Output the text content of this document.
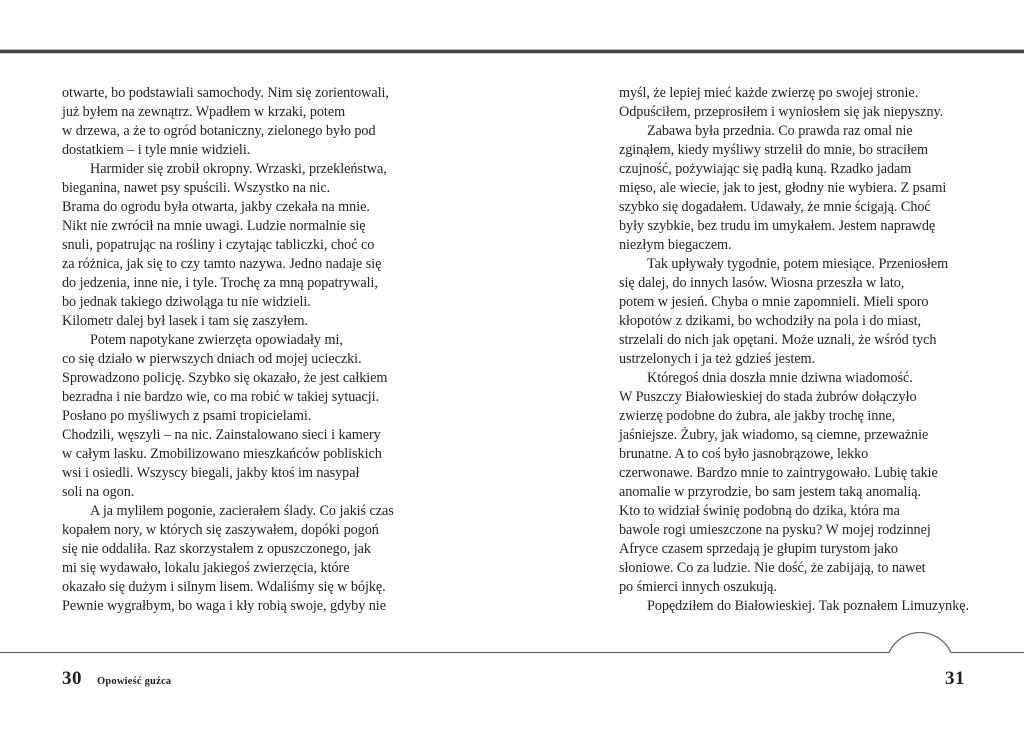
otwarte, bo podstawiali samochody. Nim się zorientowali,
już byłem na zewnątrz. Wpadłem w krzaki, potem
w drzewa, a że to ogród botaniczny, zielonego było pod
dostatkiem – i tyle mnie widzieli.
Harmider się zrobił okropny. Wrzaski, przekleństwa,
bieganina, nawet psy spuścili. Wszystko na nic.
Brama do ogrodu była otwarta, jakby czekała na mnie.
Nikt nie zwrócił na mnie uwagi. Ludzie normalnie się
snuli, popatrując na rośliny i czytając tabliczki, choć co
za różnica, jak się to czy tamto nazywa. Jedno nadaje się
do jedzenia, inne nie, i tyle. Trochę za mną popatrywali,
bo jednak takiego dziwoląga tu nie widzieli.
Kilometr dalej był lasek i tam się zaszyłem.
Potem napotykane zwierzęta opowiadały mi,
co się działo w pierwszych dniach od mojej ucieczki.
Sprowadzono policję. Szybko się okazało, że jest całkiem
bezradna i nie bardzo wie, co ma robić w takiej sytuacji.
Posłano po myśliwych z psami tropicielami.
Chodzili, węszyli – na nic. Zainstalowano sieci i kamery
w całym lasku. Zmobilizowano mieszkańców pobliskich
wsi i osiedli. Wszyscy biegali, jakby ktoś im nasypał
soli na ogon.
A ja myliłem pogonie, zacierałem ślady. Co jakiś czas
kopałem nory, w których się zaszywałem, dopóki pogoń
się nie oddaliła. Raz skorzystałem z opuszczonego, jak
mi się wydawało, lokalu jakiegoś zwierzęcia, które
okazało się dużym i silnym lisem. Wdaliśmy się w bójkę.
Pewnie wygrałbym, bo waga i kły robią swoje, gdyby nie
myśl, że lepiej mieć każde zwierzę po swojej stronie.
Odpuściłem, przeprosiłem i wyniosłem się jak niepyszny.
Zabawa była przednia. Co prawda raz omal nie
zginąłem, kiedy myśliwy strzelił do mnie, bo straciłem
czujność, pożywiając się padłą kuną. Rzadko jadam
mięso, ale wiecie, jak to jest, głodny nie wybiera. Z psami
szybko się dogadałem. Udawały, że mnie ścigają. Choć
były szybkie, bez trudu im umykałem. Jestem naprawdę
niezłym biegaczem.
Tak upływały tygodnie, potem miesiące. Przeniosłem
się dalej, do innych lasów. Wiosna przeszła w lato,
potem w jesień. Chyba o mnie zapomnieli. Mieli sporo
kłopotów z dzikami, bo wchodziły na pola i do miast,
strzelali do nich jak opętani. Może uznali, że wśród tych
ustrzelonych i ja też gdzieś jestem.
Któregoś dnia doszła mnie dziwna wiadomość.
W Puszczy Białowieskiej do stada żubrów dołączyło
zwierzę podobne do żubra, ale jakby trochę inne,
jaśniejsze. Żubry, jak wiadomo, są ciemne, przeważnie
brunatne. A to coś było jasnobrązowe, lekko
czerwonawe. Bardzo mnie to zaintrygowało. Lubię takie
anomalie w przyrodzie, bo sam jestem taką anomalią.
Kto to widział świnię podobną do dzika, która ma
bawole rogi umieszczone na pysku? W mojej rodzinnej
Afryce czasem sprzedają je głupim turystom jako
słoniowe. Co za ludzie. Nie dość, że zabijają, to nawet
po śmierci innych oszukują.
Popędziłem do Białowieskiej. Tak poznałem Limuzynkę.
30 Opowieść guźca	31
